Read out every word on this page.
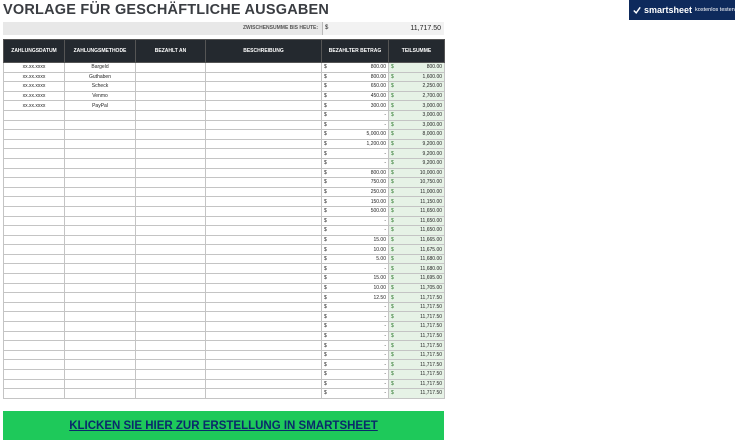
VORLAGE FÜR GESCHÄFTLICHE AUSGABEN	smartsheet kostenlos testen
ZWISCHENSUMME BIS HEUTE:	$	11,717.50
ZAHLUNGSDATUM	ZAHLUNGSMETHODE	BEZAHLT AN	BESCHREIBUNG	BEZAHLTER BETRAG		TEILSUMME	
xx.xx.xxxx	Bargeld			$	800.00	$	800.00
xx.xx.xxxx	Guthaben			$	800.00	$	1,600.00
xx.xx.xxxx	Scheck			$	650.00	$	2,250.00
xx.xx.xxxx	Venmo			$	450.00	$	2,700.00
xx.xx.xxxx	PayPal			$	300.00	$	3,000.00
				$	-	$	3,000.00
				$	-	$	3,000.00
				$	5,000.00	$	8,000.00
				$	1,200.00	$	9,200.00
				$	-	$	9,200.00
				$	-	$	9,200.00
				$	800.00	$	10,000.00
				$	750.00	$	10,750.00
				$	250.00	$	11,000.00
				$	150.00	$	11,150.00
				$	500.00	$	11,650.00
				$	-	$	11,650.00
				$	-	$	11,650.00
				$	15.00	$	11,665.00
				$	10.00	$	11,675.00
				$	5.00	$	11,680.00
				$	-	$	11,680.00
				$	15.00	$	11,695.00
				$	10.00	$	11,705.00
				$	12.50	$	11,717.50
				$	-	$	11,717.50
				$	-	$	11,717.50
				$	-	$	11,717.50
				$	-	$	11,717.50
				$	-	$	11,717.50
				$	-	$	11,717.50
				$	-	$	11,717.50
				$	-	$	11,717.50
				$	-	$	11,717.50
				$	-	$	11,717.50
KLICKEN SIE HIER ZUR ERSTELLUNG IN SMARTSHEET
